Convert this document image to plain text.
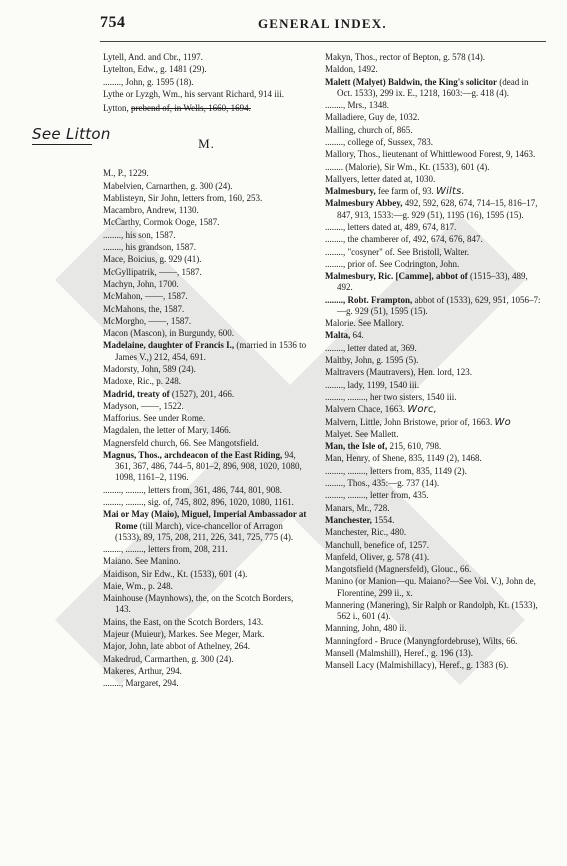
754	GENERAL INDEX.
See Litton
Lytell, And. and Cbr., 1197.
Lytelton, Edw., g. 1481 (29).
........, John, g. 1595 (18).
Lythe or Lyzgh, Wm., his servant Richard, 914 iii.
Lytton, prebend of, in Wells, 1660, 1694.
M.
M., P., 1229.
Mabelvien, Carnarthen, g. 300 (24).
Mablisteyn, Sir John, letters from, 160, 253.
Macambro, Andrew, 1130.
McCarthy, Cormok Ooge, 1587.
........, his son, 1587.
........, his grandson, 1587.
Mace, Boicius, g. 929 (41).
McGyllipatrik, ——, 1587.
Machyn, John, 1700.
McMahon, ——, 1587.
McMahons, the, 1587.
McMorgho, ——, 1587.
Macon (Mascon), in Burgundy, 600.
Madelaine, daughter of Francis I., (married in 1536 to James V.,) 212, 454, 691.
Madorsty, John, 589 (24).
Madoxe, Ric., p. 248.
Madrid, treaty of (1527), 201, 466.
Madyson, ——, 1522.
Mafforius. See under Rome.
Magdalen, the letter of Mary, 1466.
Magnersfeld church, 66. See Mangotsfield.
Magnus, Thos., archdeacon of the East Riding, 94, 361, 367, 486, 744–5, 801–2, 896, 908, 1020, 1080, 1098, 1161–2, 1196.
........, ........, letters from, 361, 486, 744, 801, 908.
........, ........, sig. of, 745, 802, 896, 1020, 1080, 1161.
Mai or May (Maio), Miguel, Imperial Ambassador at Rome (till March), vice-chancellor of Arragon (1533), 89, 175, 208, 211, 226, 341, 725, 775 (4).
........, ........, letters from, 208, 211.
Maiano. See Manino.
Maidison, Sir Edw., Kt. (1533), 601 (4).
Maie, Wm., p. 248.
Mainhouse (Maynhows), the, on the Scotch Borders, 143.
Mains, the East, on the Scotch Borders, 143.
Majeur (Muieur), Markes. See Meger, Mark.
Major, John, late abbot of Athelney, 264.
Makedrud, Carmarthen, g. 300 (24).
Makeres, Arthur, 294.
........, Margaret, 294.
Makyn, Thos., rector of Bepton, g. 578 (14).
Maldon, 1492.
Malett (Malyet) Baldwin, the King's solicitor (dead in Oct. 1533), 299 ix. E., 1218, 1603:—g. 418 (4).
........, Mrs., 1348.
Malladiere, Guy de, 1032.
Malling, church of, 865.
........, college of, Sussex, 783.
Mallory, Thos., lieutenant of Whittlewood Forest, 9, 1463.
........ (Malorie), Sir Wm., Kt. (1533), 601 (4).
Mallyers, letter dated at, 1030.
Malmesbury, fee farm of, 93. Wilts.
Malmesbury Abbey, 492, 592, 628, 674, 714–15, 816–17, 847, 913, 1533:—g. 929 (51), 1195 (16), 1595 (15).
........, letters dated at, 489, 674, 817.
........, the chamberer of, 492, 674, 676, 847.
........, "cosyner" of. See Bristoll, Walter.
........, prior of. See Codrington, John.
Malmesbury, Ric. [Camme], abbot of (1515–33), 489, 492.
........, Robt. Frampton, abbot of (1533), 629, 951, 1056–7:—g. 929 (51), 1595 (15).
Malorie. See Mallory.
Malta, 64.
........, letter dated at, 369.
Maltby, John, g. 1595 (5).
Maltravers (Mautravers), Hen. lord, 123.
........, lady, 1199, 1540 iii.
........, ........, her two sisters, 1540 iii.
Malvern Chace, 1663. Worc,
Malvern, Little, John Bristowe, prior of, 1663. Wo
Malyet. See Mallett.
Man, the Isle of, 215, 610, 798.
Man, Henry, of Shene, 835, 1149 (2), 1468.
........, ........, letters from, 835, 1149 (2).
........, Thos., 435:—g. 737 (14).
........, ........, letter from, 435.
Manars, Mr., 728.
Manchester, 1554.
Manchester, Ric., 480.
Manchull, benefice of, 1257.
Manfeld, Oliver, g. 578 (41).
Mangotsfield (Magnersfeld), Glouc., 66.
Manino (or Manion—qu. Maiano?—See Vol. V.), John de, Florentine, 299 ii., x.
Mannering (Manering), Sir Ralph or Randolph, Kt. (1533), 562 i., 601 (4).
Manning, John, 480 ii.
Manningford - Bruce (Manyngfordebruse), Wilts, 66.
Mansell (Malmshill), Heref., g. 196 (13).
Mansell Lacy (Malmishillacy), Heref., g. 1383 (6).
